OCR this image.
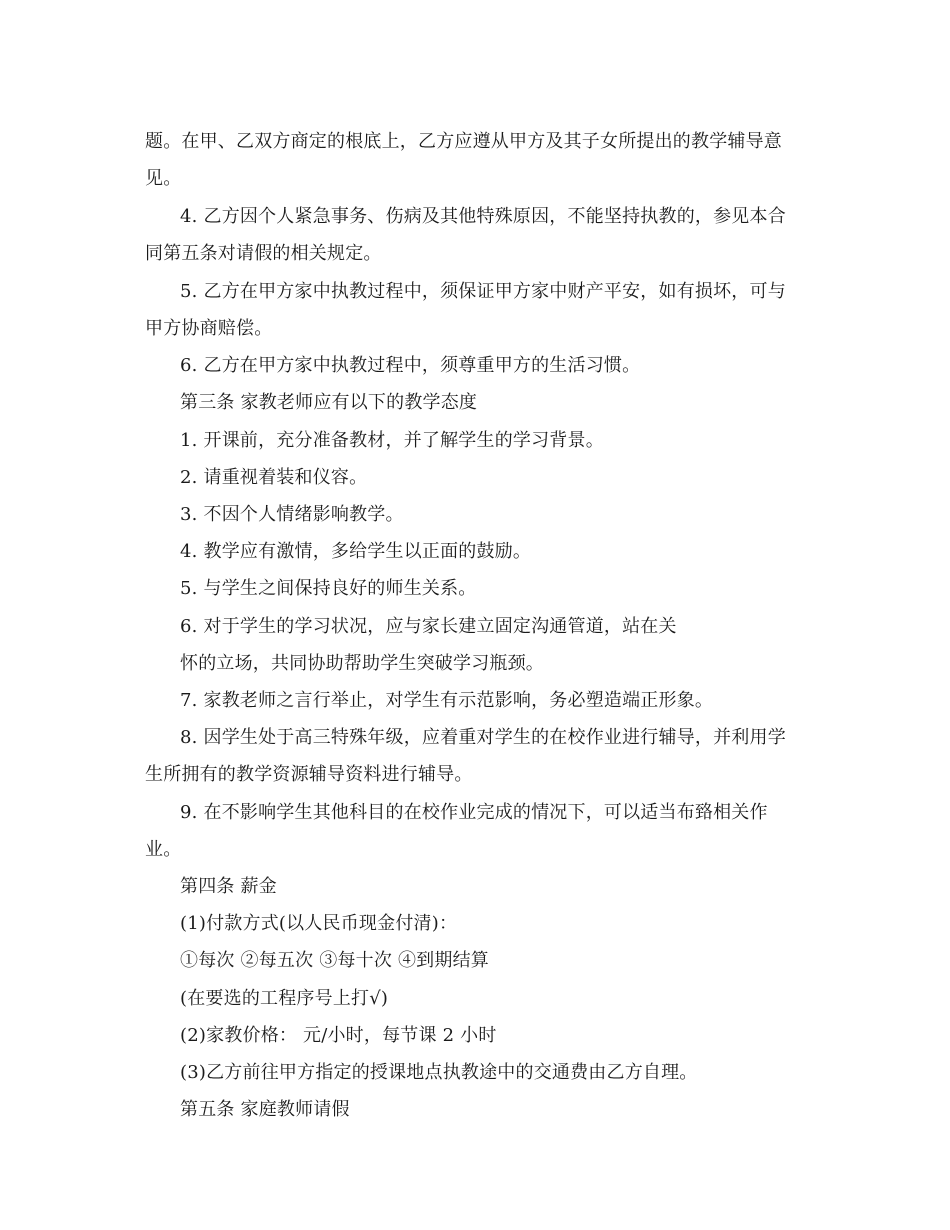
题。在甲、乙双方商定的根底上，乙方应遵从甲方及其子女所提出的教学辅导意
见。
4. 乙方因个人紧急事务、伤病及其他特殊原因，不能坚持执教的，参见本合
同第五条对请假的相关规定。
5. 乙方在甲方家中执教过程中，须保证甲方家中财产平安，如有损坏，可与
甲方协商赔偿。
6. 乙方在甲方家中执教过程中，须尊重甲方的生活习惯。
第三条 家教老师应有以下的教学态度
1. 开课前，充分准备教材，并了解学生的学习背景。
2. 请重视着装和仪容。
3. 不因个人情绪影响教学。
4. 教学应有激情，多给学生以正面的鼓励。
5. 与学生之间保持良好的师生关系。
6. 对于学生的学习状况，应与家长建立固定沟通管道，站在关
怀的立场，共同协助帮助学生突破学习瓶颈。
7. 家教老师之言行举止，对学生有示范影响，务必塑造端正形象。
8. 因学生处于高三特殊年级，应着重对学生的在校作业进行辅导，并利用学
生所拥有的教学资源辅导资料进行辅导。
9. 在不影响学生其他科目的在校作业完成的情况下，可以适当布臵相关作
业。
第四条 薪金
(1)付款方式(以人民币现金付清)：
①每次 ②每五次 ③每十次 ④到期结算
(在要选的工程序号上打√)
(2)家教价格： 元/小时，每节课 2 小时
(3)乙方前往甲方指定的授课地点执教途中的交通费由乙方自理。
第五条 家庭教师请假
